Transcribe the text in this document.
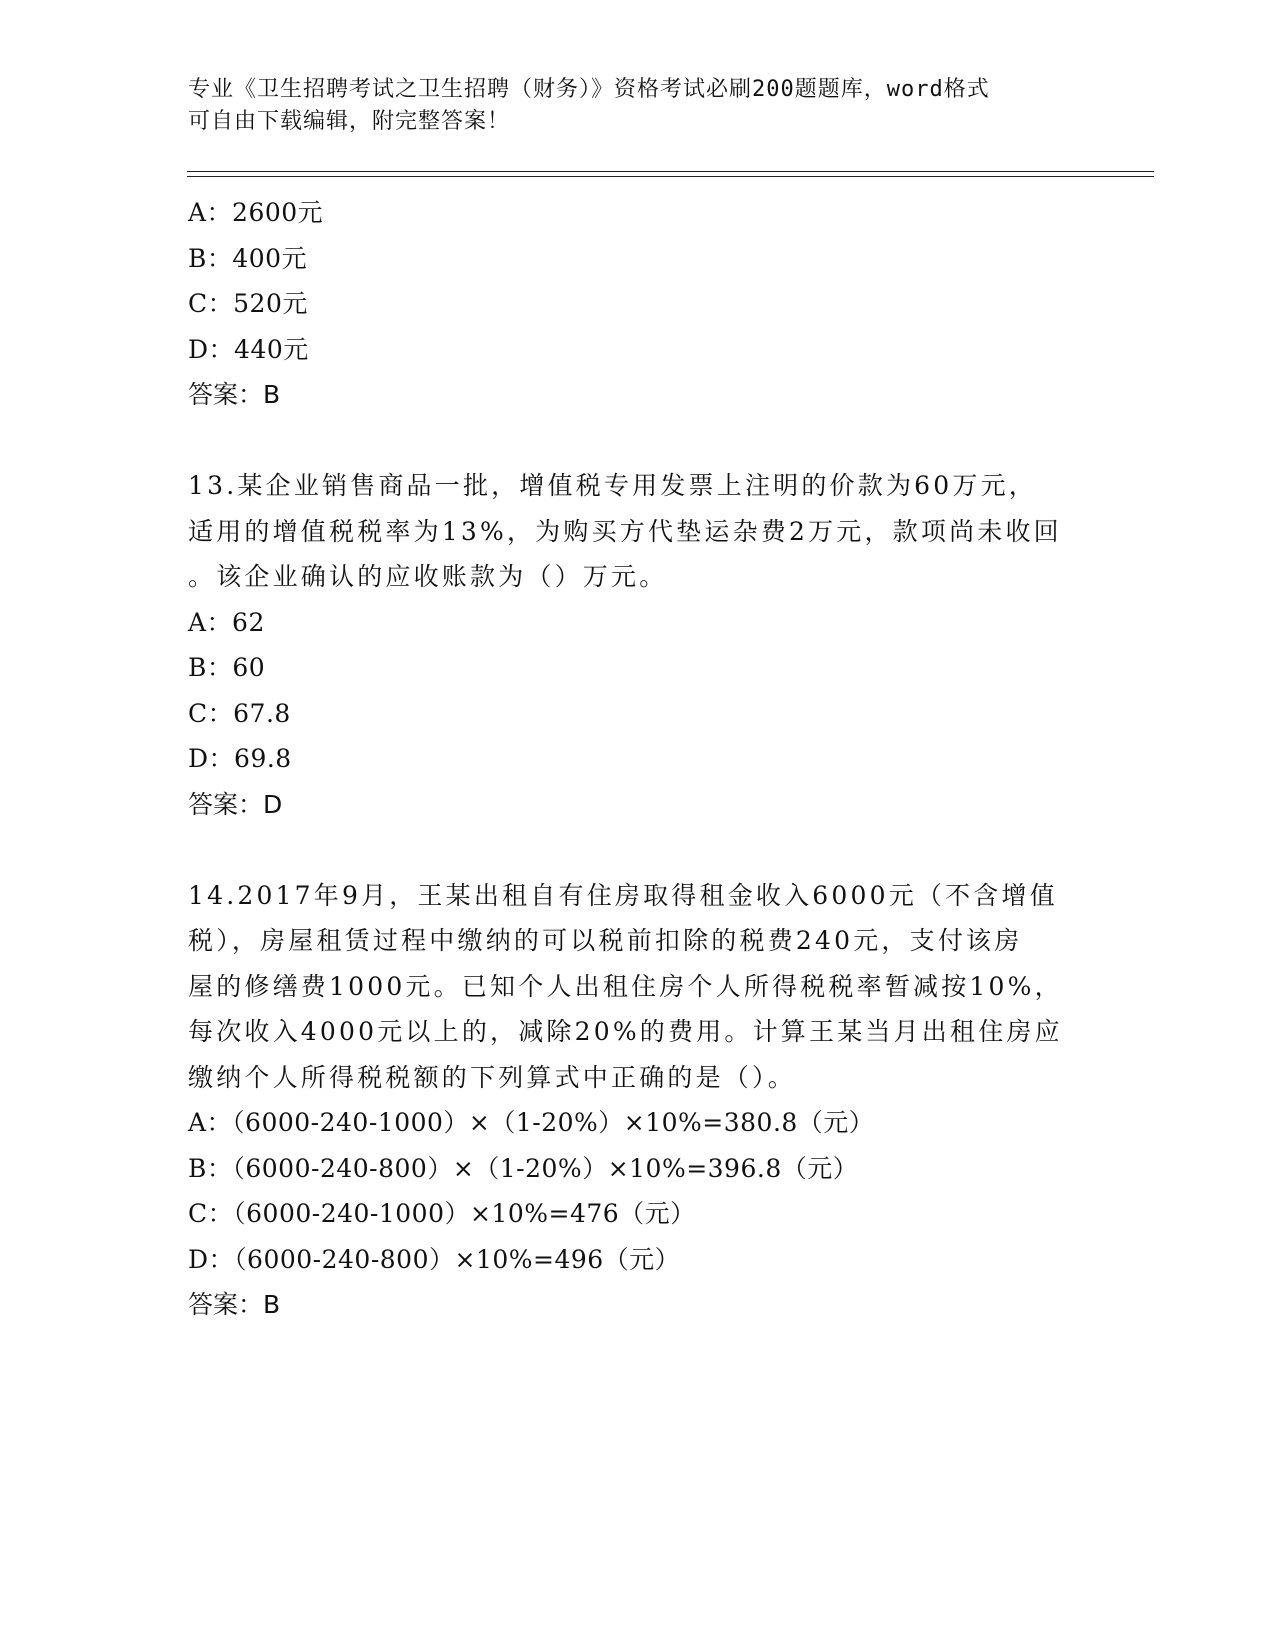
专业《卫生招聘考试之卫生招聘（财务）》资格考试必刷200题题库，word格式
可自由下载编辑，附完整答案！
A：2600元
B：400元
C：520元
D：440元
答案：B
13.某企业销售商品一批，增值税专用发票上注明的价款为60万元，
适用的增值税税率为13%，为购买方代垫运杂费2万元，款项尚未收回
。该企业确认的应收账款为（）万元。
A：62
B：60
C：67.8
D：69.8
答案：D
14.2017年9月，王某出租自有住房取得租金收入6000元（不含增值
税），房屋租赁过程中缴纳的可以税前扣除的税费240元，支付该房
屋的修缮费1000元。已知个人出租住房个人所得税税率暂减按10%，
每次收入4000元以上的，减除20%的费用。计算王某当月出租住房应
缴纳个人所得税税额的下列算式中正确的是（）。
A：（6000-240-1000）×（1-20%）×10%=380.8（元）
B：（6000-240-800）×（1-20%）×10%=396.8（元）
C：（6000-240-1000）×10%=476（元）
D：（6000-240-800）×10%=496（元）
答案：B
